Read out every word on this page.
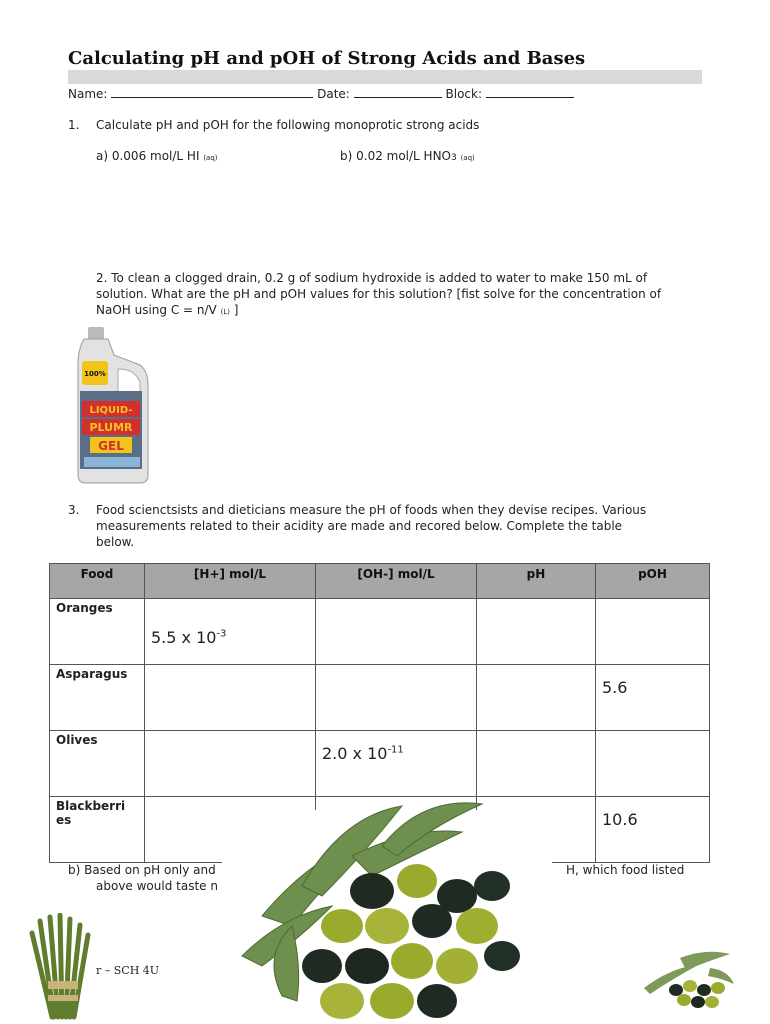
Calculating pH and pOH of Strong Acids and Bases
Name:	Date:	Block:
1. Calculate pH and pOH for the following monoprotic strong acids
a) 0.006 mol/L HI (aq)	b) 0.02 mol/L HNO3 (aq)
2. To clean a clogged drain, 0.2 g of sodium hydroxide is added to water to make 150 mL of
solution. What are the pH and pOH values for this solution? [fist solve for the concentration of
NaOH using C = n/V (L) ]
100%
LIQUID-
PLUMR
GEL
3. Food scienctsists and dieticians measure the pH of foods when they devise recipes. Various
measurements related to their acidity are made and recored below. Complete the table
below.
Food	[H+] mol/L	[OH-] mol/L	pH	pOH
Oranges	5.5 x $10^{-3}$

Asparagus				5.6

Olives		2.0 x $10^{-11}$

Blackberri es				10.6
b) Based on pH only and	H, which food listed
above would taste n
r – SCH 4U
